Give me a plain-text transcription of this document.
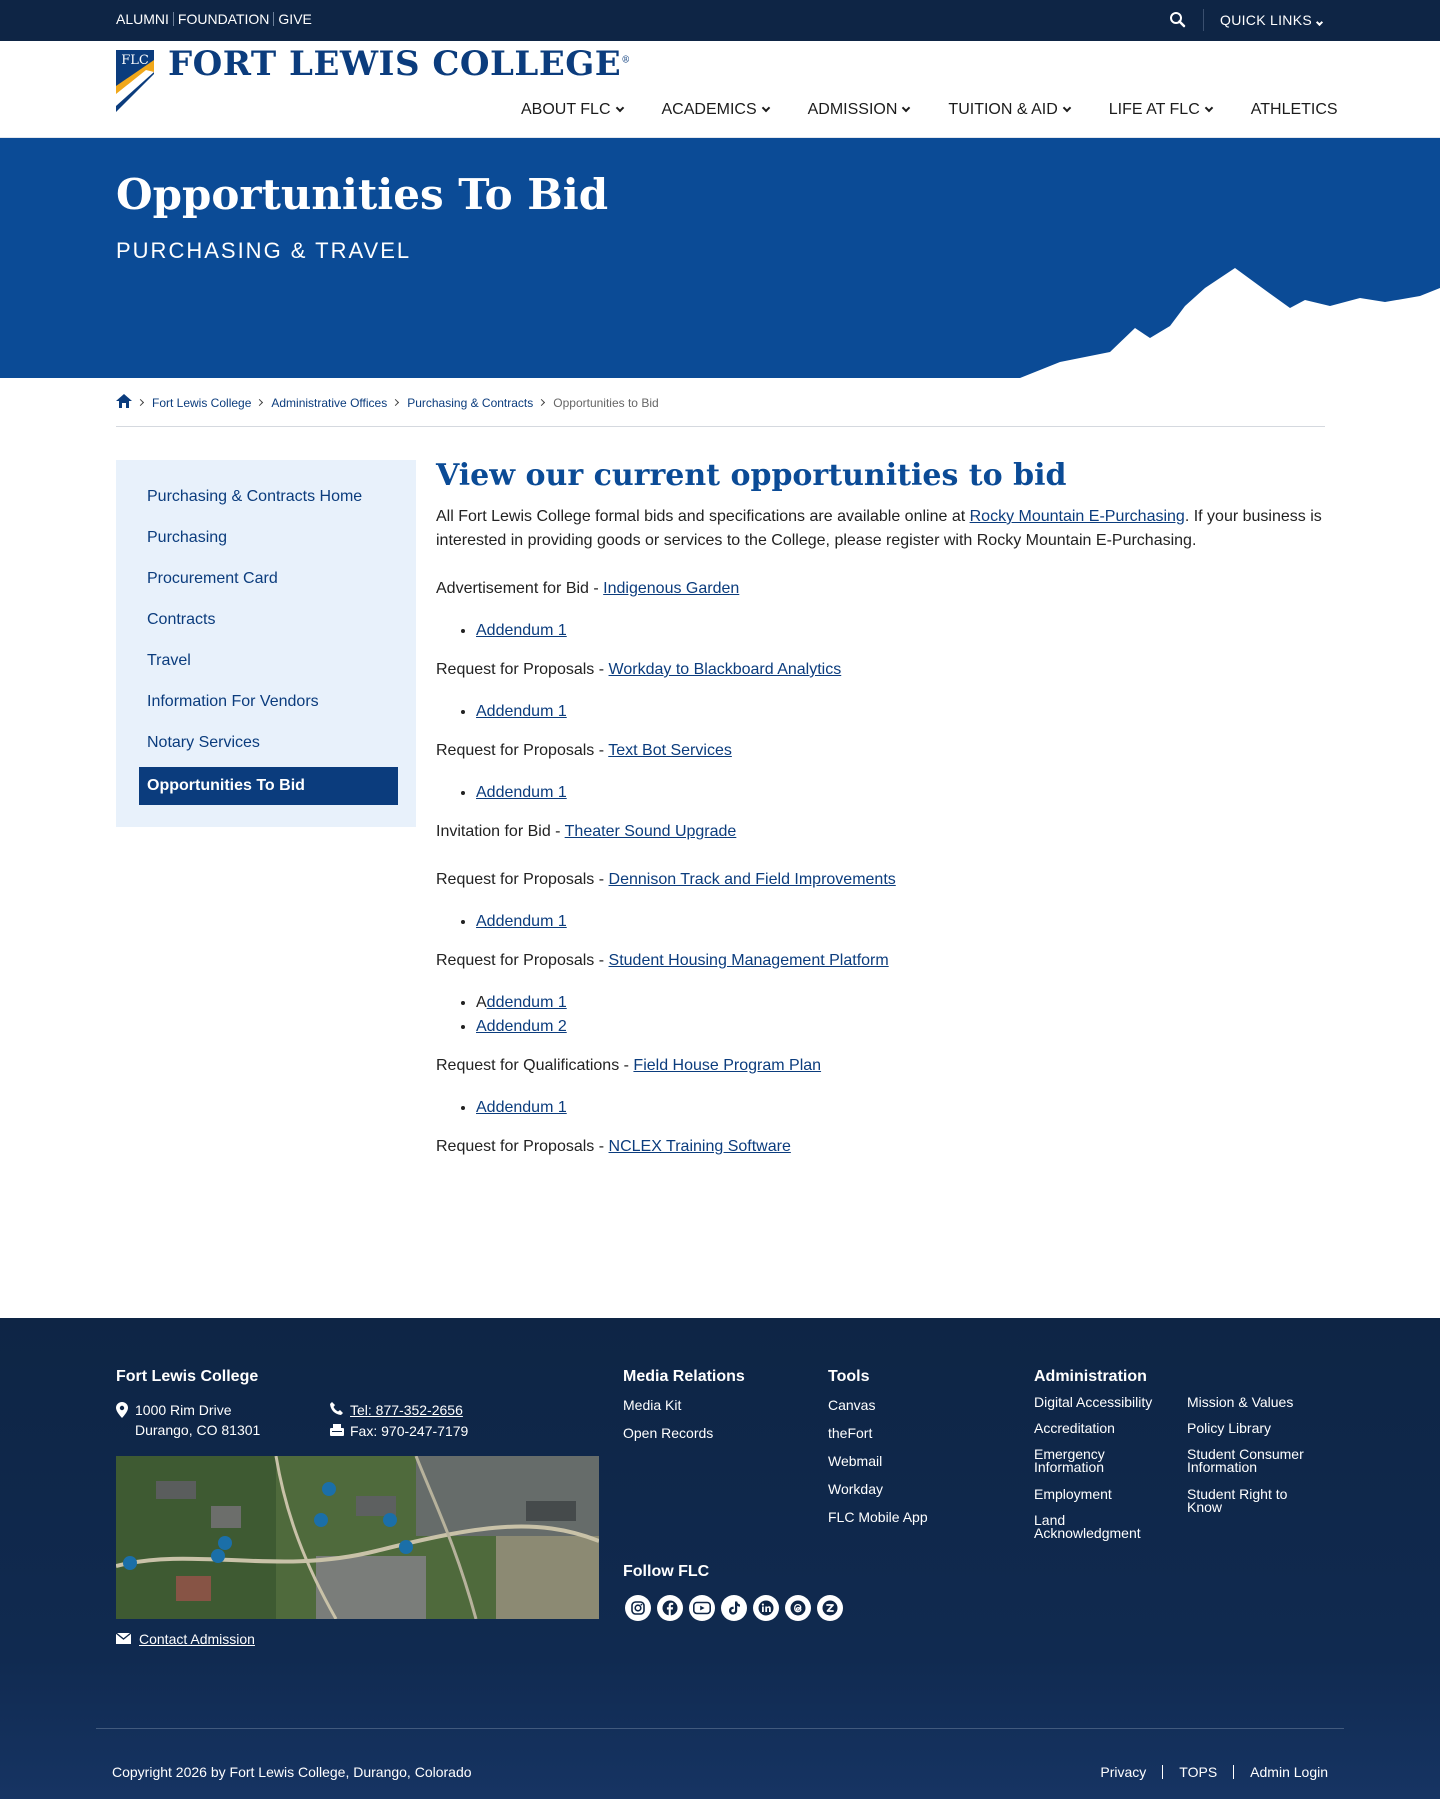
ALUMNI FOUNDATION GIVE	QUICK LINKS
FLC FORT LEWIS COLLEGE®
ABOUT FLC	ACADEMICS	ADMISSION	TUITION & AID	LIFE AT FLC	ATHLETICS
Opportunities To Bid
PURCHASING & TRAVEL
Fort Lewis College Administrative Offices Purchasing & Contracts Opportunities to Bid
Purchasing & Contracts Home
Purchasing
Procurement Card
Contracts
Travel
Information For Vendors
Notary Services
Opportunities To Bid
View our current opportunities to bid

All Fort Lewis College formal bids and specifications are available online at Rocky Mountain E-Purchasing. If your business is interested in providing goods or services to the College, please register with Rocky Mountain E-Purchasing.

Advertisement for Bid - Indigenous Garden
• Addendum 1
Request for Proposals - Workday to Blackboard Analytics
• Addendum 1
Request for Proposals - Text Bot Services
• Addendum 1
Invitation for Bid - Theater Sound Upgrade
Request for Proposals - Dennison Track and Field Improvements
• Addendum 1
Request for Proposals - Student Housing Management Platform
• Addendum 1
• Addendum 2
Request for Qualifications - Field House Program Plan
• Addendum 1
Request for Proposals - NCLEX Training Software
Fort Lewis College
1000 Rim Drive
Durango, CO 81301
Tel: 877-352-2656
Fax: 970-247-7179
Contact Admission
Media Relations
Media Kit
Open Records
Tools
Canvas
theFort
Webmail
Workday
FLC Mobile App
Administration
Digital Accessibility
Accreditation
Emergency Information
Employment
Land Acknowledgment
Mission & Values
Policy Library
Student Consumer Information
Student Right to Know
Follow FLC
Copyright 2026 by Fort Lewis College, Durango, Colorado	Privacy TOPS Admin Login
